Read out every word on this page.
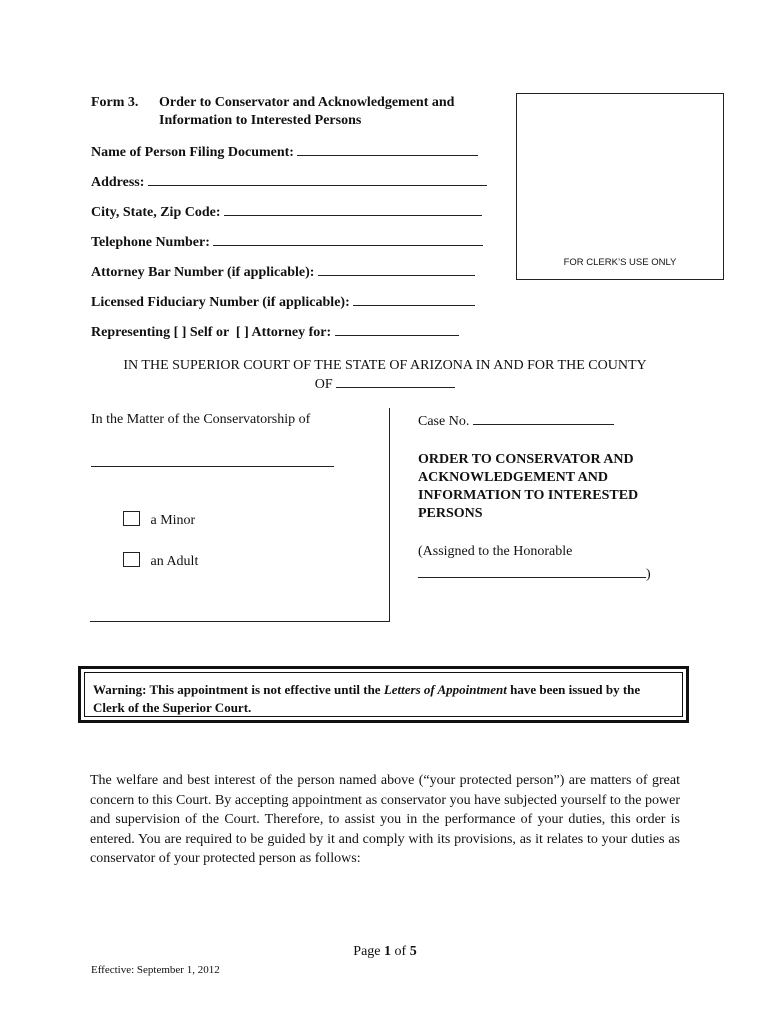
Form 3. Order to Conservator and Acknowledgement and
Information to Interested Persons
FOR CLERK’S USE ONLY
Name of Person Filing Document:
Address:
City, State, Zip Code:
Telephone Number:
Attorney Bar Number (if applicable):
Licensed Fiduciary Number (if applicable):
Representing [ ] Self or [ ] Attorney for:
IN THE SUPERIOR COURT OF THE STATE OF ARIZONA IN AND FOR THE COUNTY
OF
In the Matter of the Conservatorship of
a Minor
an Adult
Case No.
ORDER TO CONSERVATOR AND
ACKNOWLEDGEMENT AND
INFORMATION TO INTERESTED
PERSONS
(Assigned to the Honorable
)
Warning: This appointment is not effective until the Letters of Appointment have been issued by the
Clerk of the Superior Court.
The welfare and best interest of the person named above (“your protected person”) are matters of great concern to this Court. By accepting appointment as conservator you have subjected yourself to the power and supervision of the Court. Therefore, to assist you in the performance of your duties, this order is entered. You are required to be guided by it and comply with its provisions, as it relates to your duties as conservator of your protected person as follows:
Page 1 of 5
Effective: September 1, 2012
